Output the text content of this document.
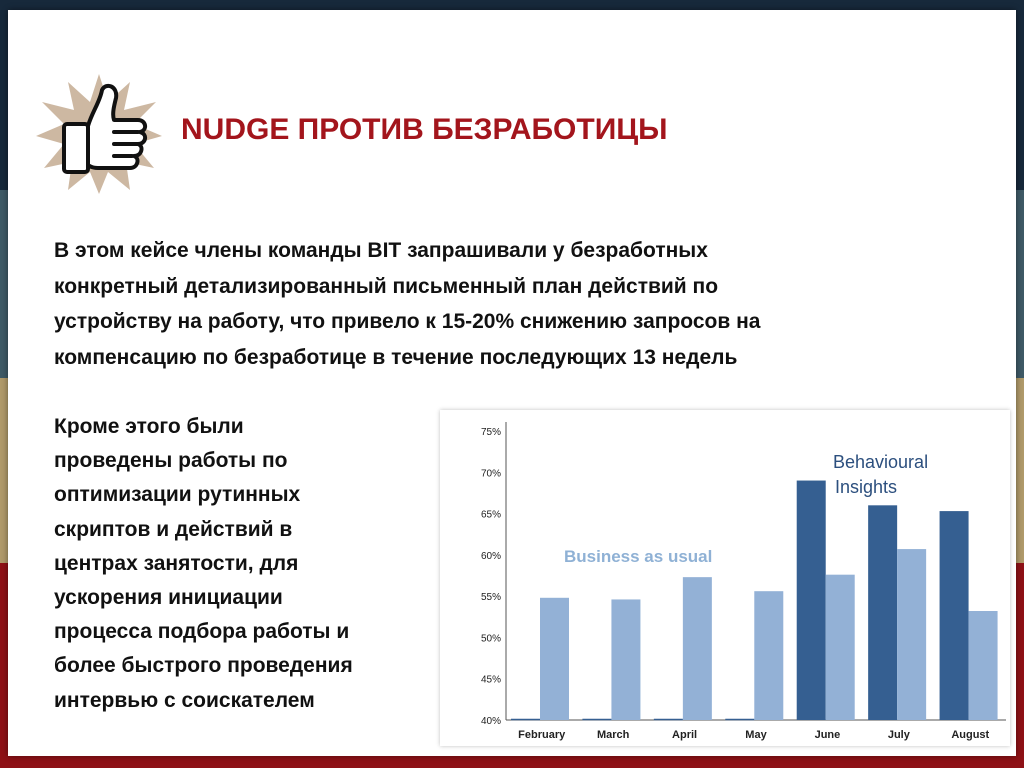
NUDGE ПРОТИВ БЕЗРАБОТИЦЫ
В этом кейсе члены команды BIT запрашивали у безработных
конкретный детализированный письменный план действий по
устройству на работу, что привело к 15-20% снижению запросов на
компенсацию по безработице в течение последующих 13 недель
Кроме этого были
проведены работы по
оптимизации рутинных
скриптов и действий в
центрах занятости, для
ускорения инициации
процесса подбора работы и
более быстрого проведения
интервью с соискателем
40%
45%
50%
55%
60%
65%
70%
75%
February	March	April	May	June	July	August
Business as usual
Behavioural
Insights
